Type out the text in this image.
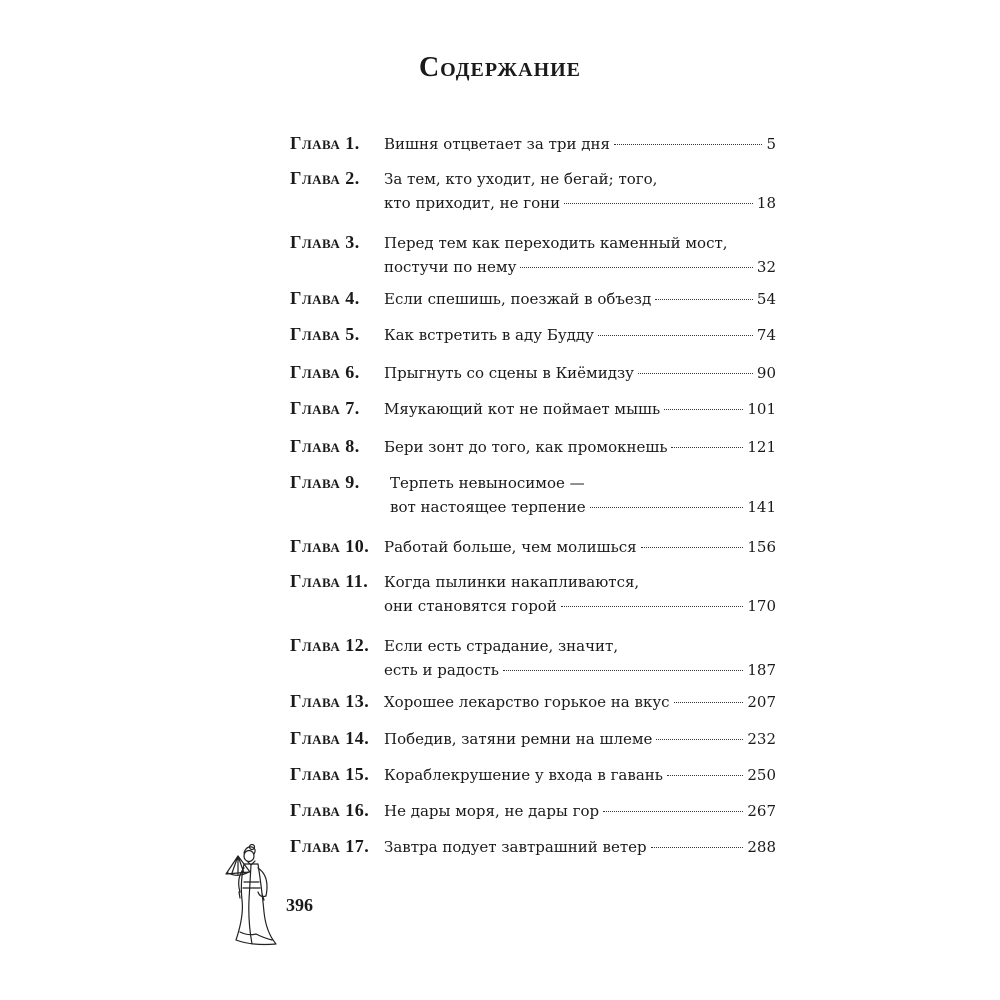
Содержание
Глава 1. Вишня отцветает за три дня	5
Глава 2. За тем, кто уходит, не бегай; того,
кто приходит, не гони	18
Глава 3. Перед тем как переходить каменный мост,
постучи по нему	32
Глава 4. Если спешишь, поезжай в объезд	54
Глава 5. Как встретить в аду Будду	74
Глава 6. Прыгнуть со сцены в Киёмидзу	90
Глава 7. Мяукающий кот не поймает мышь	101
Глава 8. Бери зонт до того, как промокнешь	121
Глава 9.	Терпеть невыносимое —
вот настоящее терпение	141
Глава 10. Работай больше, чем молишься	156
Глава 11. Когда пылинки накапливаются,
они становятся горой	170
Глава 12. Если есть страдание, значит,
есть и радость	187
Глава 13. Хорошее лекарство горькое на вкус	207
Глава 14. Победив, затяни ремни на шлеме	232
Глава 15. Кораблекрушение у входа в гавань	250
Глава 16. Не дары моря, не дары гор	267
Глава 17. Завтра подует завтрашний ветер	288
396
